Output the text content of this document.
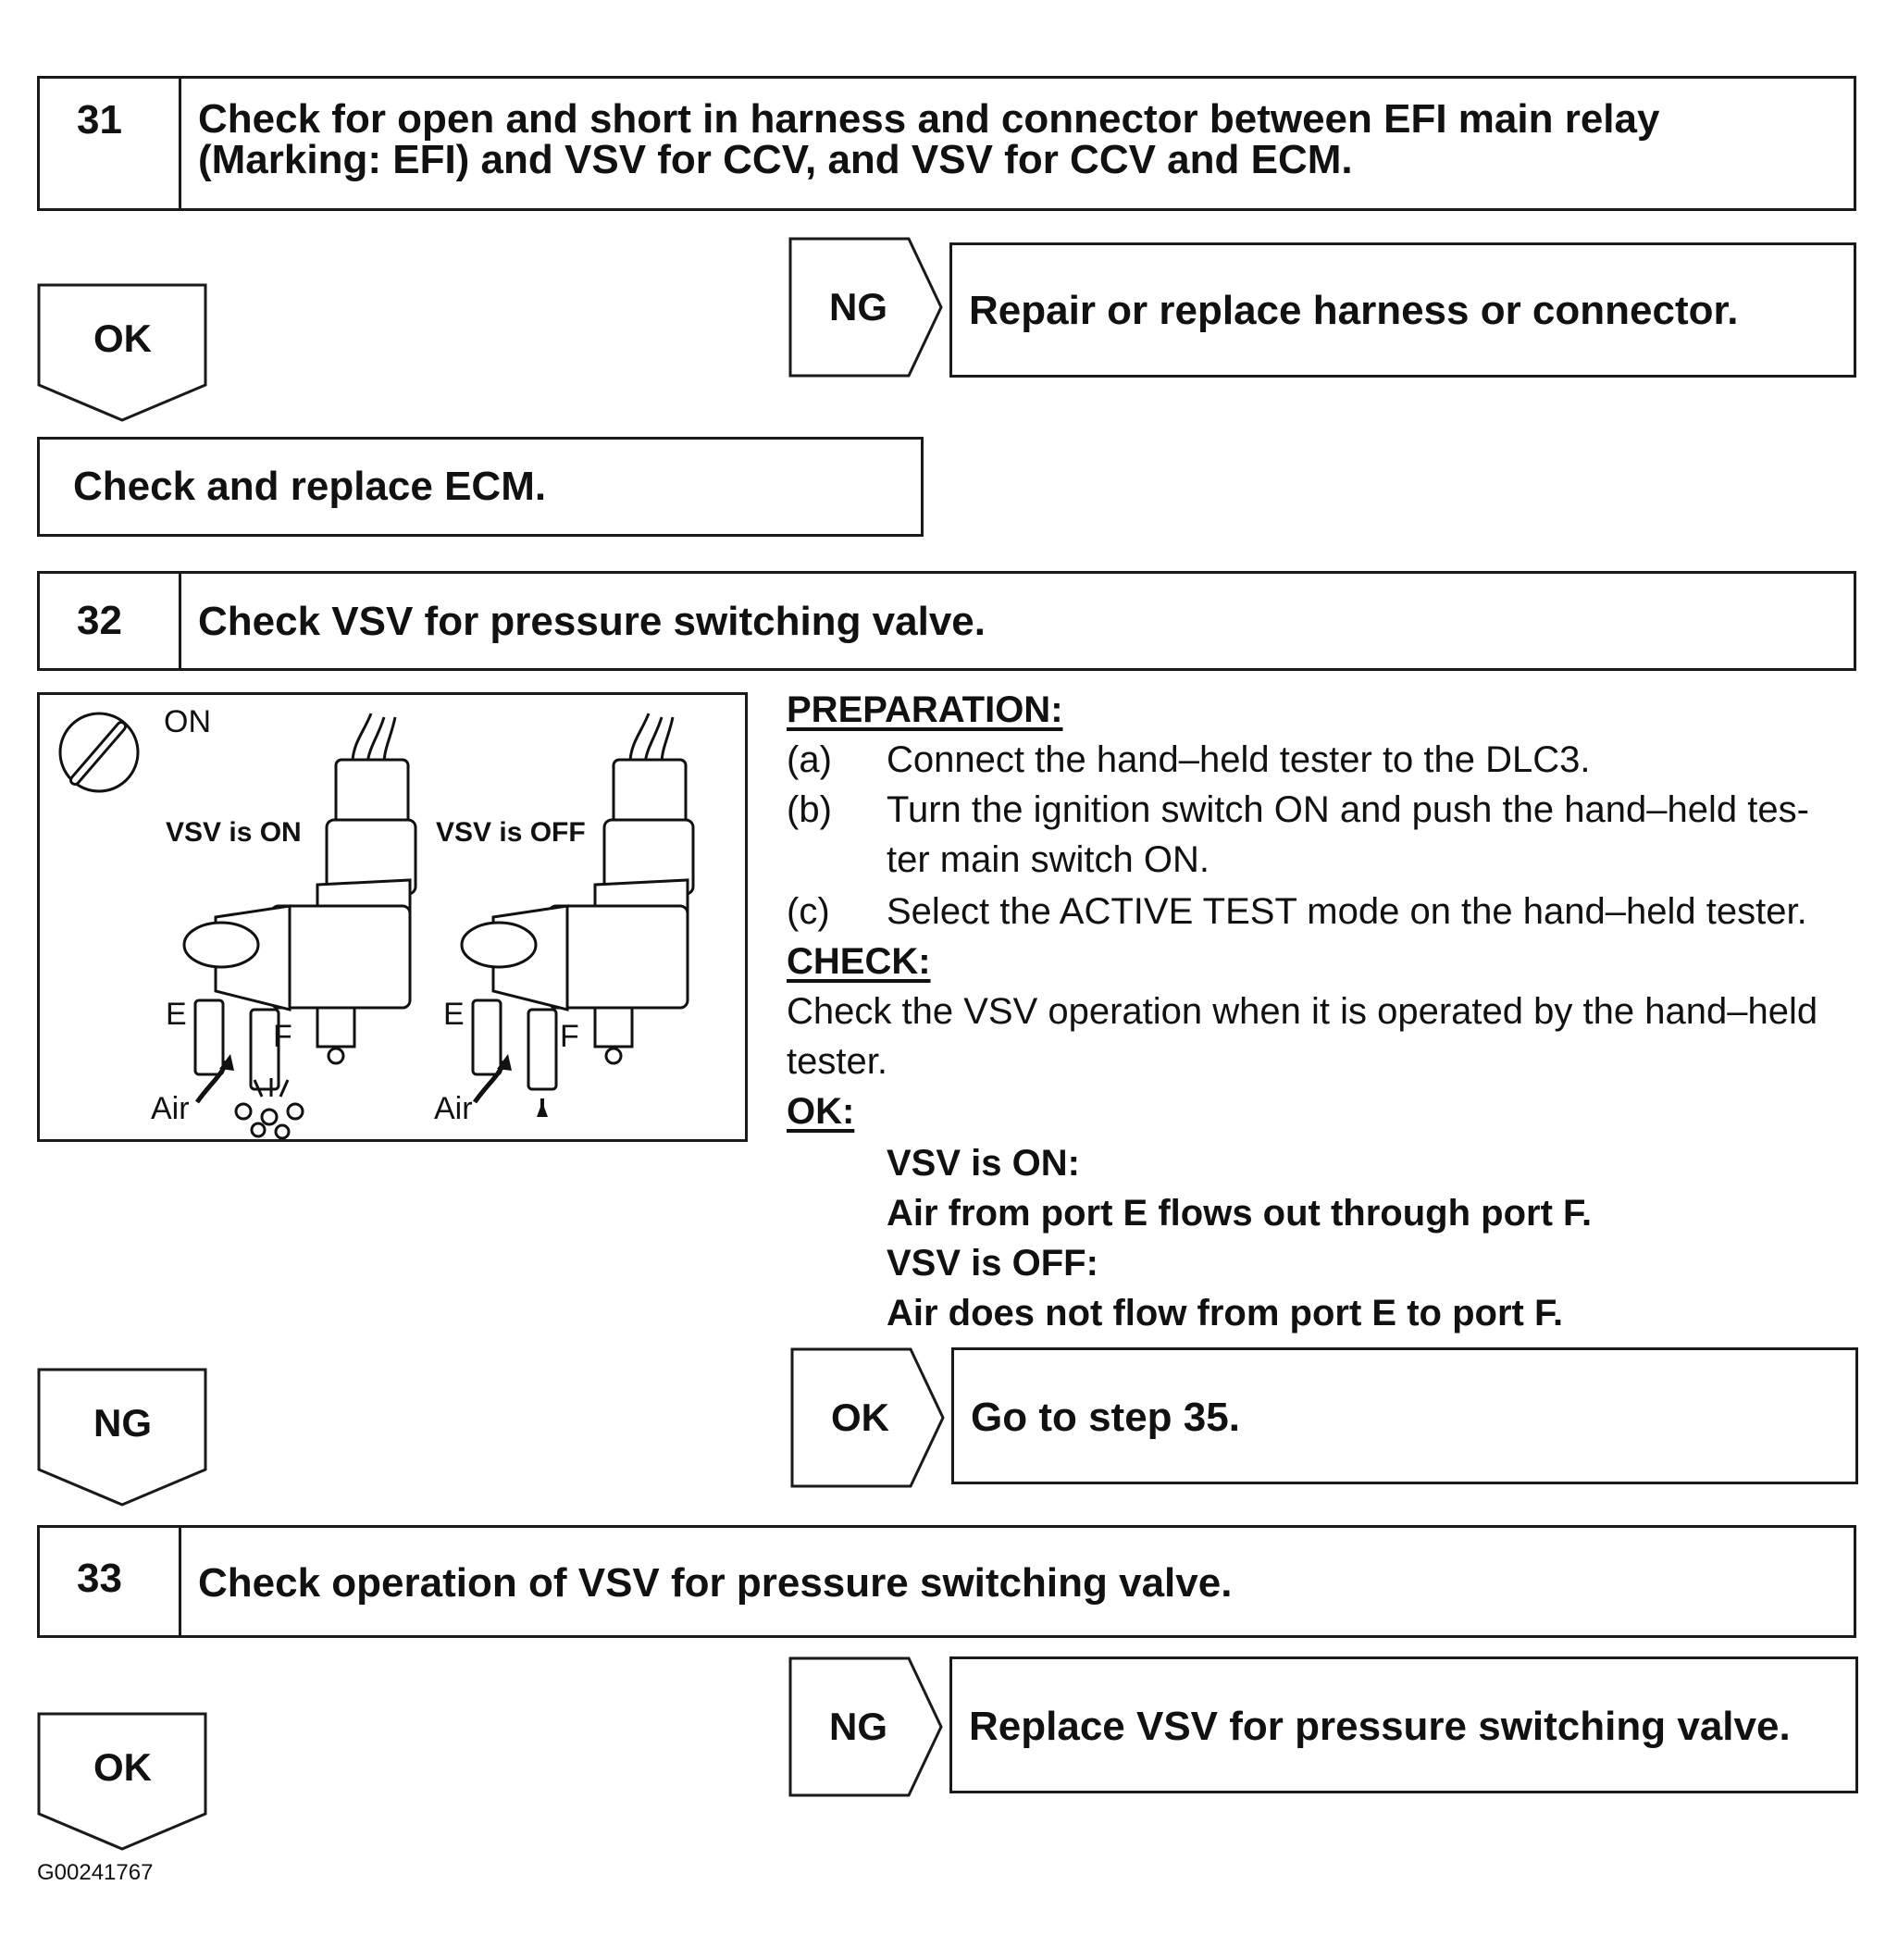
31	Check for open and short in harness and connector between EFI main relay
(Marking: EFI) and VSV for CCV, and VSV for CCV and ECM.
NG	Repair or replace harness or connector.
OK
Check and replace ECM.
32	Check VSV for pressure switching valve.
ON
VSV is ON	VSV is OFF
E
F
Air
E
F
Air
PREPARATION:
(a) Connect the hand–held tester to the DLC3.
(b) Turn the ignition switch ON and push the hand–held tes-
ter main switch ON.
(c) Select the ACTIVE TEST mode on the hand–held tester.
CHECK:
Check the VSV operation when it is operated by the hand–held
tester.
OK:
VSV is ON:
Air from port E flows out through port F.
VSV is OFF:
Air does not flow from port E to port F.
NG	OK	Go to step 35.
33	Check operation of VSV for pressure switching valve.
NG	Replace VSV for pressure switching valve.
OK
G00241767
